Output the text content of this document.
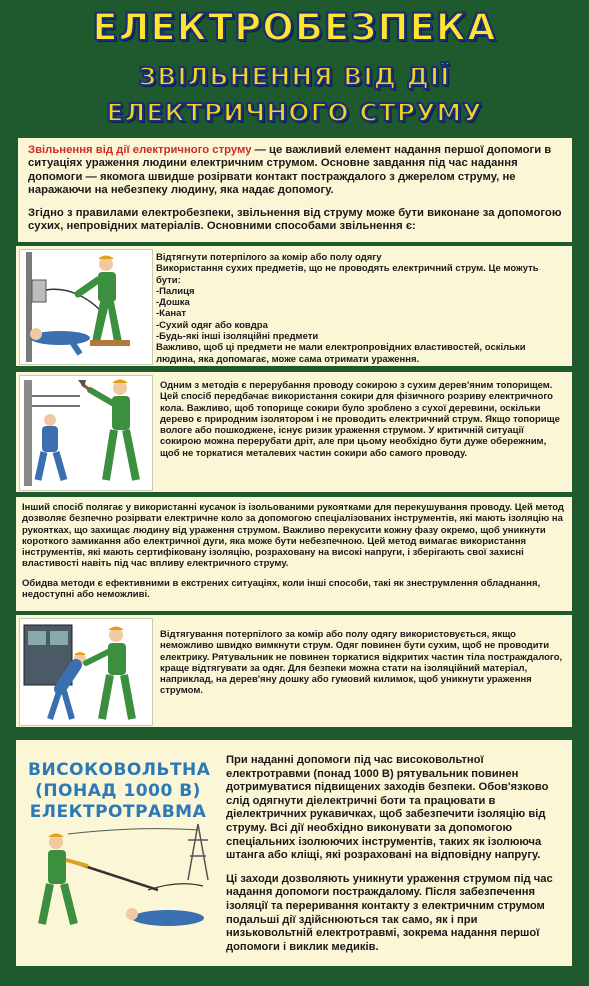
ЕЛЕКТРОБЕЗПЕКА
ЗВІЛЬНЕННЯ ВІД ДІЇ
ЕЛЕКТРИЧНОГО СТРУМУ

Звільнення від дії електричного струму — це важливий елемент надання першої допомоги в ситуаціях ураження людини електричним струмом. Основне завдання під час надання допомоги — якомога швидше розірвати контакт постраждалого з джерелом струму, не наражаючи на небезпеку людину, яка надає допомогу.

Згідно з правилами електробезпеки, звільнення від струму може бути виконане за допомогою сухих, непровідних матеріалів. Основними способами звільнення є:

Відтягнути потерпілого за комір або полу одягу
Використання сухих предметів, що не проводять електричний струм. Це можуть бути:
-Палиця
-Дошка
-Канат
-Сухий одяг або ковдра
-Будь-які інші ізоляційні предмети
Важливо, щоб ці предмети не мали електропровідних властивостей, оскільки людина, яка допомагає, може сама отримати ураження.
Одним з методів є перерубання проводу сокирою з сухим дерев'яним топорищем. Цей спосіб передбачає використання сокири для фізичного розриву електричного кола. Важливо, щоб топорище сокири було зроблено з сухої деревини, оскільки дерево є природним ізолятором і не проводить електричний струм. Якщо топорище вологе або пошкоджене, існує ризик ураження струмом. У критичній ситуації сокирою можна перерубати дріт, але при цьому необхідно бути дуже обережним, щоб не торкатися металевих частин сокири або самого проводу.
Інший спосіб полягає у використанні кусачок із ізольованими рукоятками для перекушування проводу. Цей метод дозволяє безпечно розірвати електричне коло за допомогою спеціалізованих інструментів, які мають ізоляцію на рукоятках, що захищає людину від ураження струмом. Важливо перекусити кожну фазу окремо, щоб уникнути короткого замикання або електричної дуги, яка може бути небезпечною. Цей метод вимагає використання інструментів, які мають сертифікованy ізоляцію, розраховану на високі напруги, і зберігають свої захисні властивості навіть під час впливу електричного струму.
Обидва методи є ефективними в екстрених ситуаціях, коли інші способи, такі як знеструмлення обладнання, недоступні або неможливі.
Відтягування потерпілого за комір або полу одягу використовується, якщо неможливо швидко вимкнути струм. Одяг повинен бути сухим, щоб не проводити електрику. Рятувальник не повинен торкатися відкритих частин тіла постраждалого, краще відтягувати за одяг. Для безпеки можна стати на ізоляційний матеріал, наприклад, на дерев'яну дошку або гумовий килимок, щоб уникнути ураження струмом.

При наданні допомоги під час високовольтної електротравми (понад 1000 В) рятувальник повинен дотримуватися підвищених заходів безпеки. Обов'язково слід одягнути діелектричні боти та працювати в діелектричних рукавичках, щоб забезпечити ізоляцію від струму. Всі дії необхідно виконувати за допомогою спеціальних ізолюючих інструментів, таких як ізолююча штанга або кліщі, які розраховані на відповідну напругу.

Ці заходи дозволяють уникнути ураження струмом під час надання допомоги постраждалому. Після забезпечення ізоляції та переривання контакту з електричним струмом подальші дії здійснюються так само, як і при низьковольтній електротравмі, зокрема надання першої допомоги і виклик медиків.

ВИСОКОВОЛЬТНА
(ПОНАД 1000 В)
ЕЛЕКТРОТРАВМА
